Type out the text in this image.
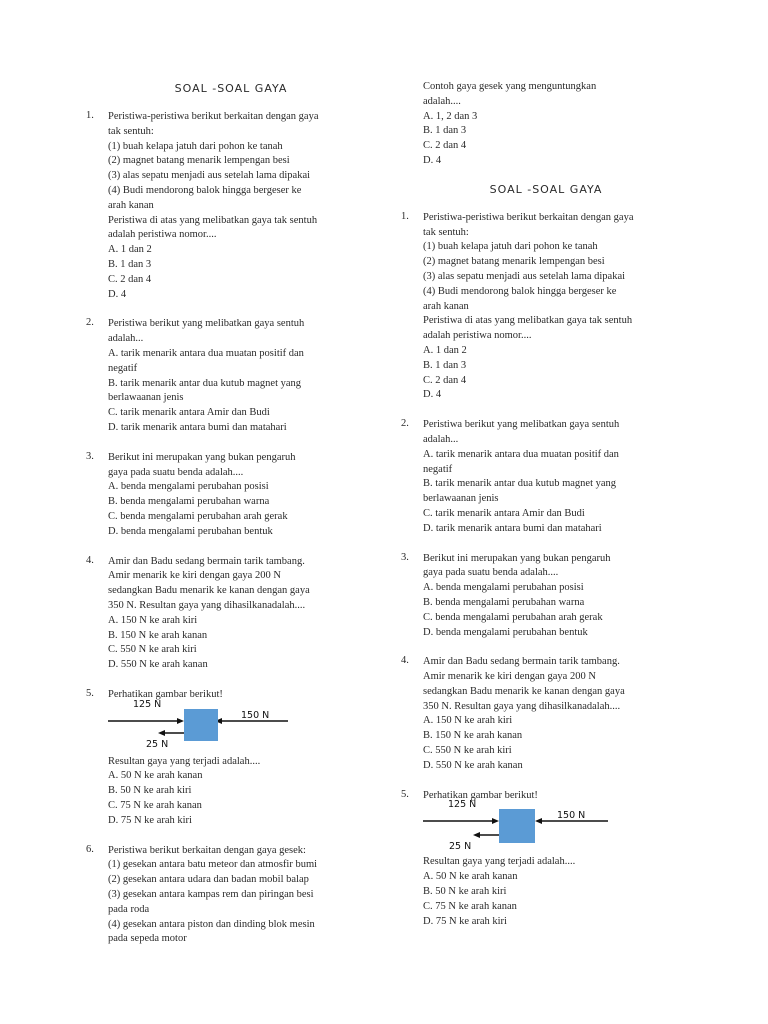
SOAL -SOAL GAYA
1.	Peristiwa-peristiwa berikut berkaitan dengan gaya
tak sentuh:
(1) buah kelapa jatuh dari pohon ke tanah
(2) magnet batang menarik lempengan besi
(3) alas sepatu menjadi aus setelah lama dipakai
(4) Budi mendorong balok hingga bergeser ke
arah kanan
Peristiwa di atas yang melibatkan gaya tak sentuh
adalah peristiwa nomor....
A. 1 dan 2
B. 1 dan 3
C. 2 dan 4
D. 4
2.	Peristiwa berikut yang melibatkan gaya sentuh
adalah...
A. tarik menarik antara dua muatan positif dan
negatif
B. tarik menarik antar dua kutub magnet yang
berlawaanan jenis
C. tarik menarik antara Amir dan Budi
D. tarik menarik antara bumi dan matahari
3.	Berikut ini merupakan yang bukan pengaruh
gaya pada suatu benda adalah....
A. benda mengalami perubahan posisi
B. benda mengalami perubahan warna
C. benda mengalami perubahan arah gerak
D. benda mengalami perubahan bentuk
4.	Amir dan Badu sedang bermain tarik tambang.
Amir menarik ke kiri dengan gaya 200 N
sedangkan Badu menarik ke kanan dengan gaya
350 N. Resultan gaya yang dihasilkanadalah....
A. 150 N ke arah kiri
B. 150 N ke arah kanan
C. 550 N ke arah kiri
D. 550 N ke arah kanan
5.	Perhatikan gambar berikut!
125 N
150 N
25 N
Resultan gaya yang terjadi adalah....
A. 50 N ke arah kanan
B. 50 N ke arah kiri
C. 75 N ke arah kanan
D. 75 N ke arah kiri
6.	Peristiwa berikut berkaitan dengan gaya gesek:
(1) gesekan antara batu meteor dan atmosfir bumi
(2) gesekan antara udara dan badan mobil balap
(3) gesekan antara kampas rem dan piringan besi
pada roda
(4) gesekan antara piston dan dinding blok mesin
pada sepeda motor
Contoh gaya gesek yang menguntungkan
adalah....
A. 1, 2 dan 3
B. 1 dan 3
C. 2 dan 4
D. 4
SOAL -SOAL GAYA
1.	Peristiwa-peristiwa berikut berkaitan dengan gaya
tak sentuh:
(1) buah kelapa jatuh dari pohon ke tanah
(2) magnet batang menarik lempengan besi
(3) alas sepatu menjadi aus setelah lama dipakai
(4) Budi mendorong balok hingga bergeser ke
arah kanan
Peristiwa di atas yang melibatkan gaya tak sentuh
adalah peristiwa nomor....
A. 1 dan 2
B. 1 dan 3
C. 2 dan 4
D. 4
2.	Peristiwa berikut yang melibatkan gaya sentuh
adalah...
A. tarik menarik antara dua muatan positif dan
negatif
B. tarik menarik antar dua kutub magnet yang
berlawaanan jenis
C. tarik menarik antara Amir dan Budi
D. tarik menarik antara bumi dan matahari
3.	Berikut ini merupakan yang bukan pengaruh
gaya pada suatu benda adalah....
A. benda mengalami perubahan posisi
B. benda mengalami perubahan warna
C. benda mengalami perubahan arah gerak
D. benda mengalami perubahan bentuk
4.	Amir dan Badu sedang bermain tarik tambang.
Amir menarik ke kiri dengan gaya 200 N
sedangkan Badu menarik ke kanan dengan gaya
350 N. Resultan gaya yang dihasilkanadalah....
A. 150 N ke arah kiri
B. 150 N ke arah kanan
C. 550 N ke arah kiri
D. 550 N ke arah kanan
5.	Perhatikan gambar berikut!
125 N
150 N
25 N
Resultan gaya yang terjadi adalah....
A. 50 N ke arah kanan
B. 50 N ke arah kiri
C. 75 N ke arah kanan
D. 75 N ke arah kiri
